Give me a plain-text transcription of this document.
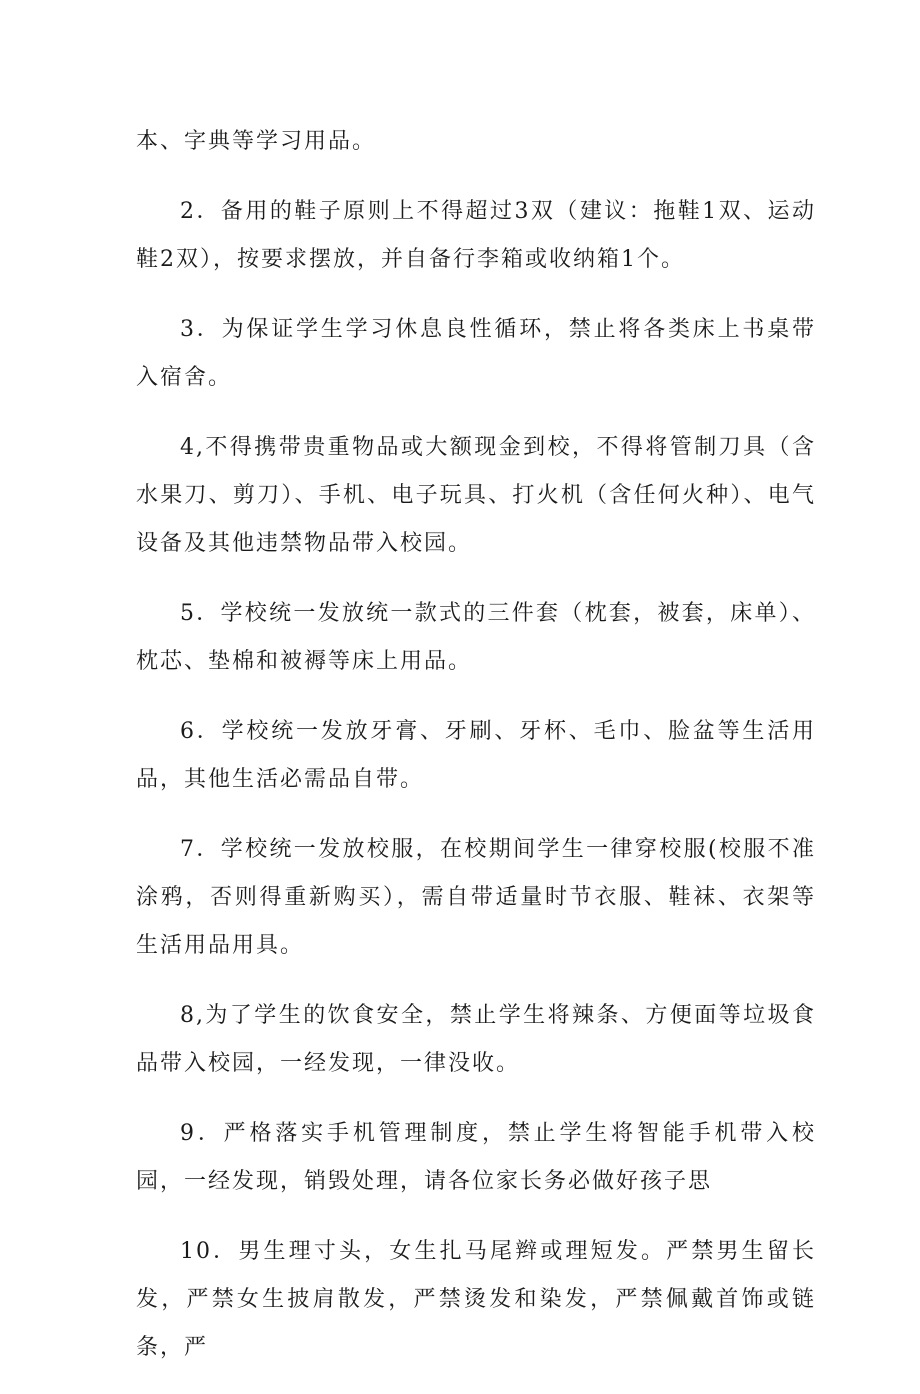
本、字典等学习用品。

2．备用的鞋子原则上不得超过3双（建议：拖鞋1双、运动鞋2双），按要求摆放，并自备行李箱或收纳箱1个。

3．为保证学生学习休息良性循环，禁止将各类床上书桌带入宿舍。

4,不得携带贵重物品或大额现金到校，不得将管制刀具（含水果刀、剪刀）、手机、电子玩具、打火机（含任何火种）、电气设备及其他违禁物品带入校园。

5．学校统一发放统一款式的三件套（枕套，被套，床单）、枕芯、垫棉和被褥等床上用品。

6．学校统一发放牙膏、牙刷、牙杯、毛巾、脸盆等生活用品，其他生活必需品自带。

7．学校统一发放校服，在校期间学生一律穿校服(校服不准涂鸦，否则得重新购买），需自带适量时节衣服、鞋袜、衣架等生活用品用具。

8,为了学生的饮食安全，禁止学生将辣条、方便面等垃圾食品带入校园，一经发现，一律没收。

9．严格落实手机管理制度，禁止学生将智能手机带入校园，一经发现，销毁处理，请各位家长务必做好孩子思

10．男生理寸头，女生扎马尾辫或理短发。严禁男生留长发，严禁女生披肩散发，严禁烫发和染发，严禁佩戴首饰或链条，严
